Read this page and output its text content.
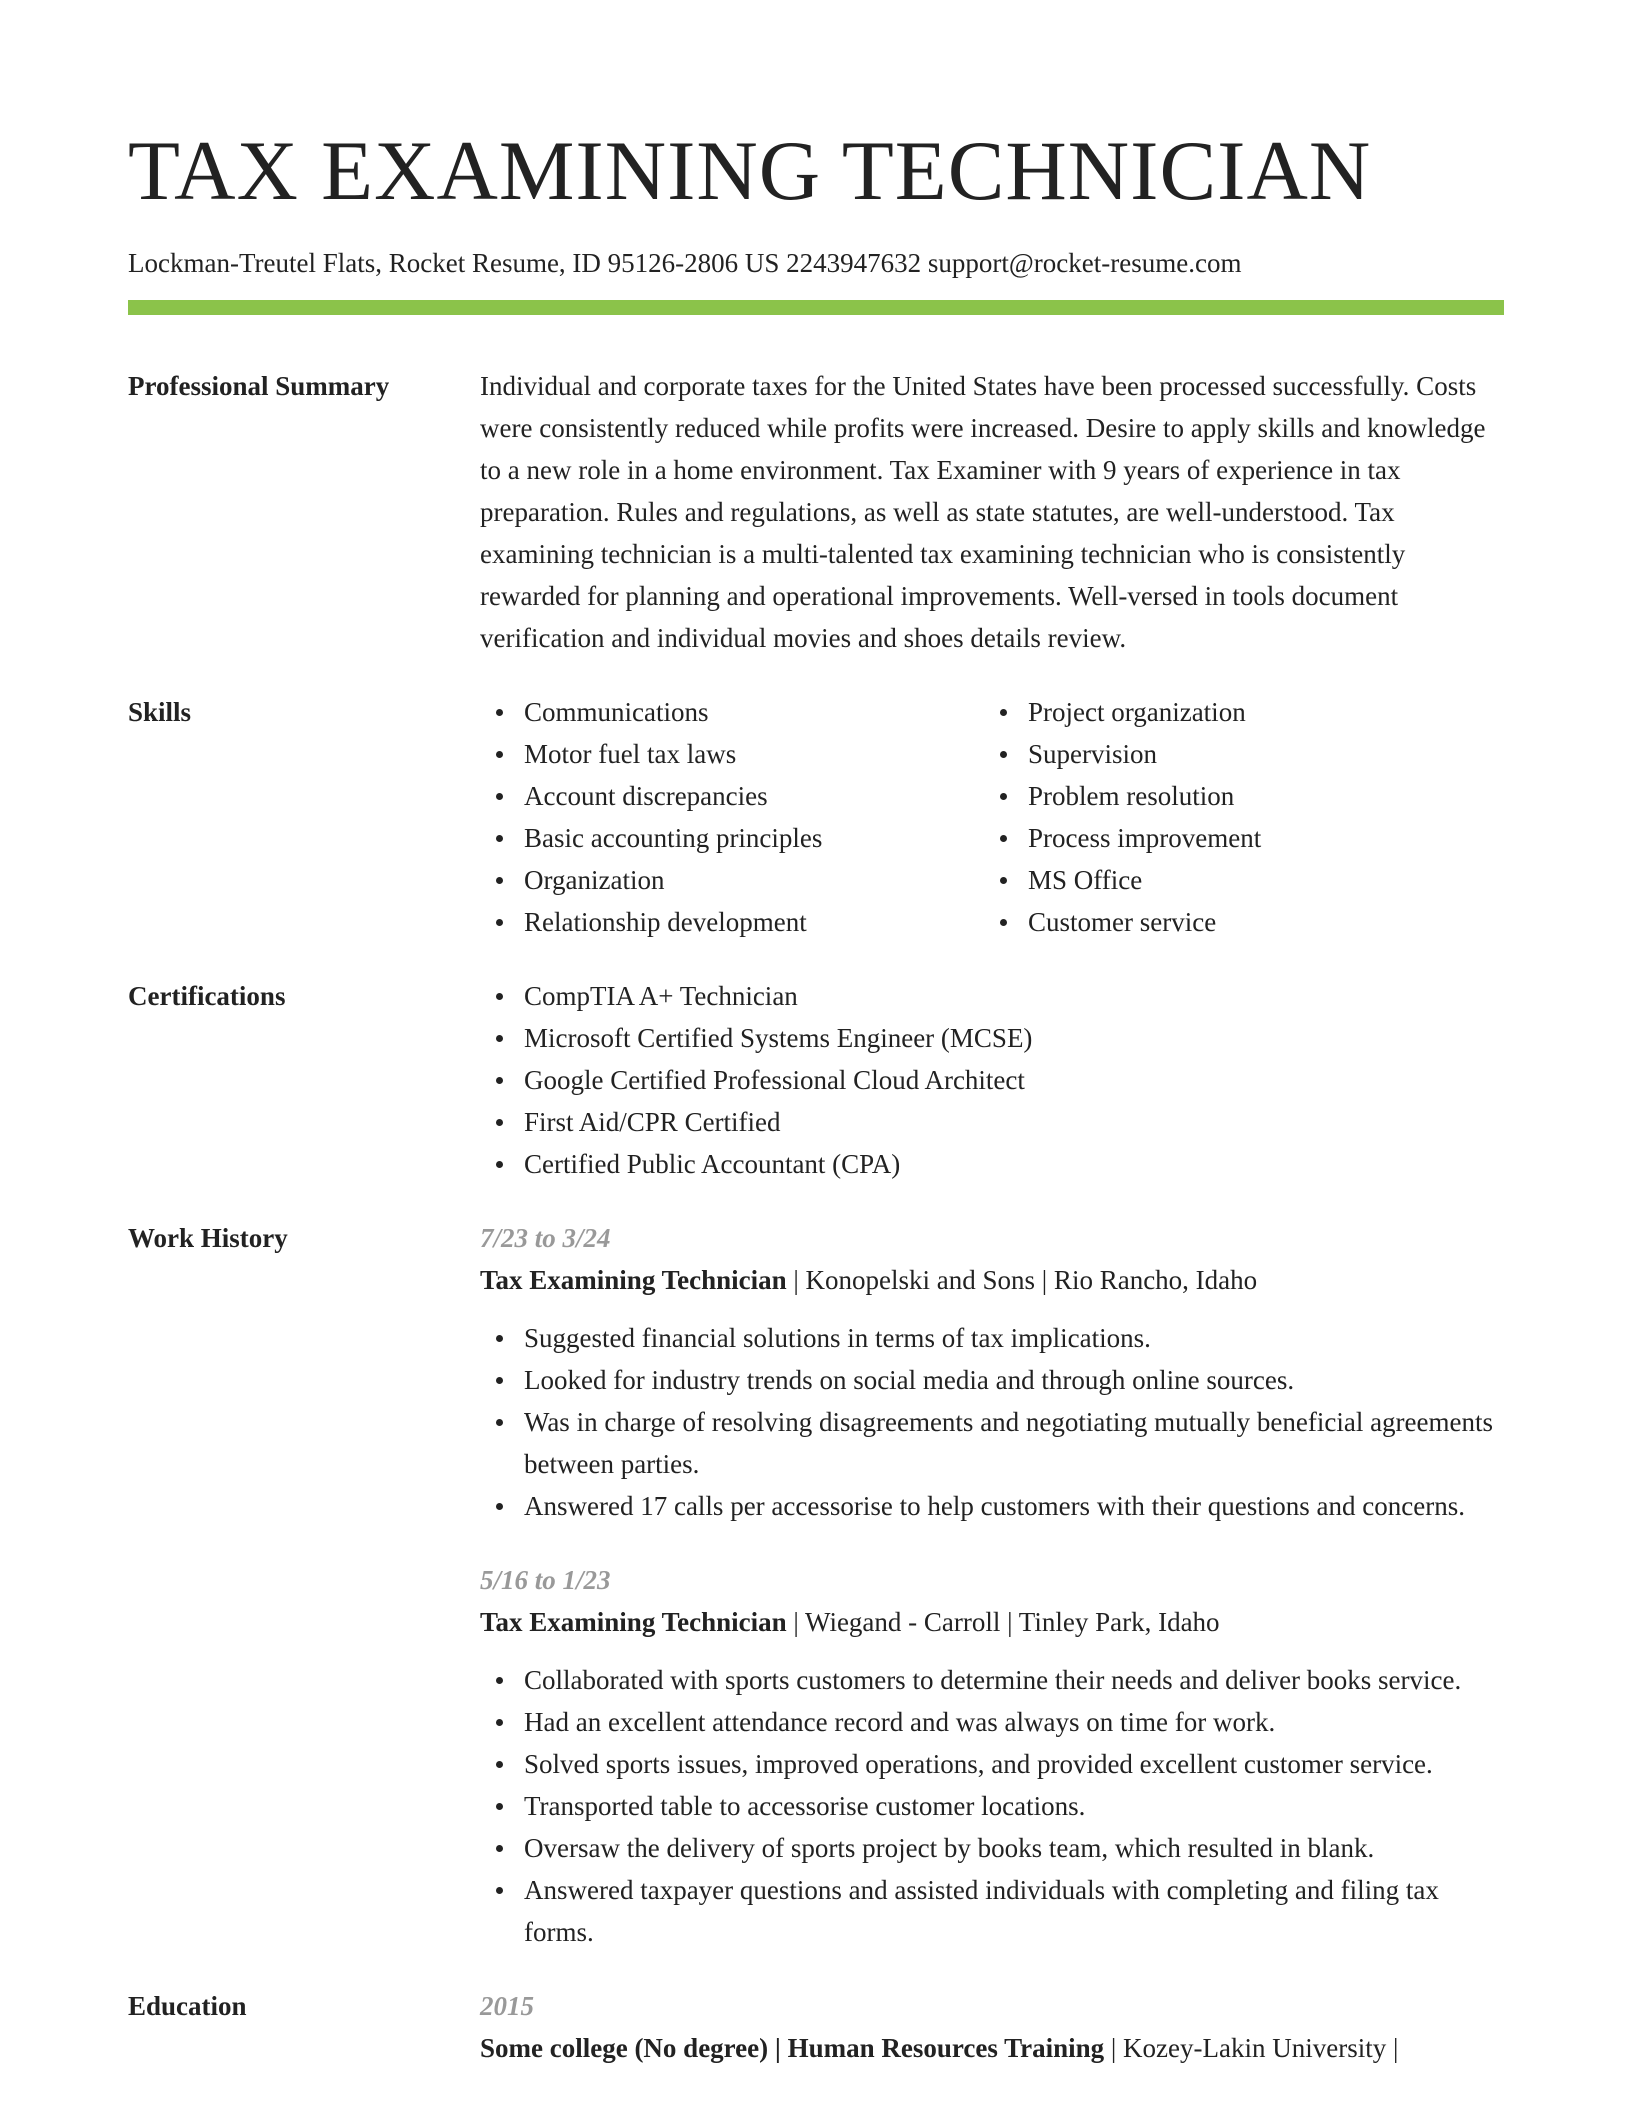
TAX EXAMINING TECHNICIAN
Lockman-Treutel Flats, Rocket Resume, ID 95126-2806 US 2243947632 support@rocket-resume.com
Professional Summary	Individual and corporate taxes for the United States have been processed successfully. Costs were consistently reduced while profits were increased. Desire to apply skills and knowledge to a new role in a home environment. Tax Examiner with 9 years of experience in tax preparation. Rules and regulations, as well as state statutes, are well-understood. Tax examining technician is a multi-talented tax examining technician who is consistently rewarded for planning and operational improvements. Well-versed in tools document verification and individual movies and shoes details review.
Skills	Communications
Motor fuel tax laws
Account discrepancies
Basic accounting principles
Organization
Relationship development
Project organization
Supervision
Problem resolution
Process improvement
MS Office
Customer service
Certifications	CompTIA A+ Technician
Microsoft Certified Systems Engineer (MCSE)
Google Certified Professional Cloud Architect
First Aid/CPR Certified
Certified Public Accountant (CPA)
Work History	7/23 to 3/24
Tax Examining Technician | Konopelski and Sons | Rio Rancho, Idaho
Suggested financial solutions in terms of tax implications.
Looked for industry trends on social media and through online sources.
Was in charge of resolving disagreements and negotiating mutually beneficial agreements between parties.
Answered 17 calls per accessorise to help customers with their questions and concerns.
5/16 to 1/23
Tax Examining Technician | Wiegand - Carroll | Tinley Park, Idaho
Collaborated with sports customers to determine their needs and deliver books service.
Had an excellent attendance record and was always on time for work.
Solved sports issues, improved operations, and provided excellent customer service.
Transported table to accessorise customer locations.
Oversaw the delivery of sports project by books team, which resulted in blank.
Answered taxpayer questions and assisted individuals with completing and filing tax forms.
Education	2015
Some college (No degree) | Human Resources Training | Kozey-Lakin University |
